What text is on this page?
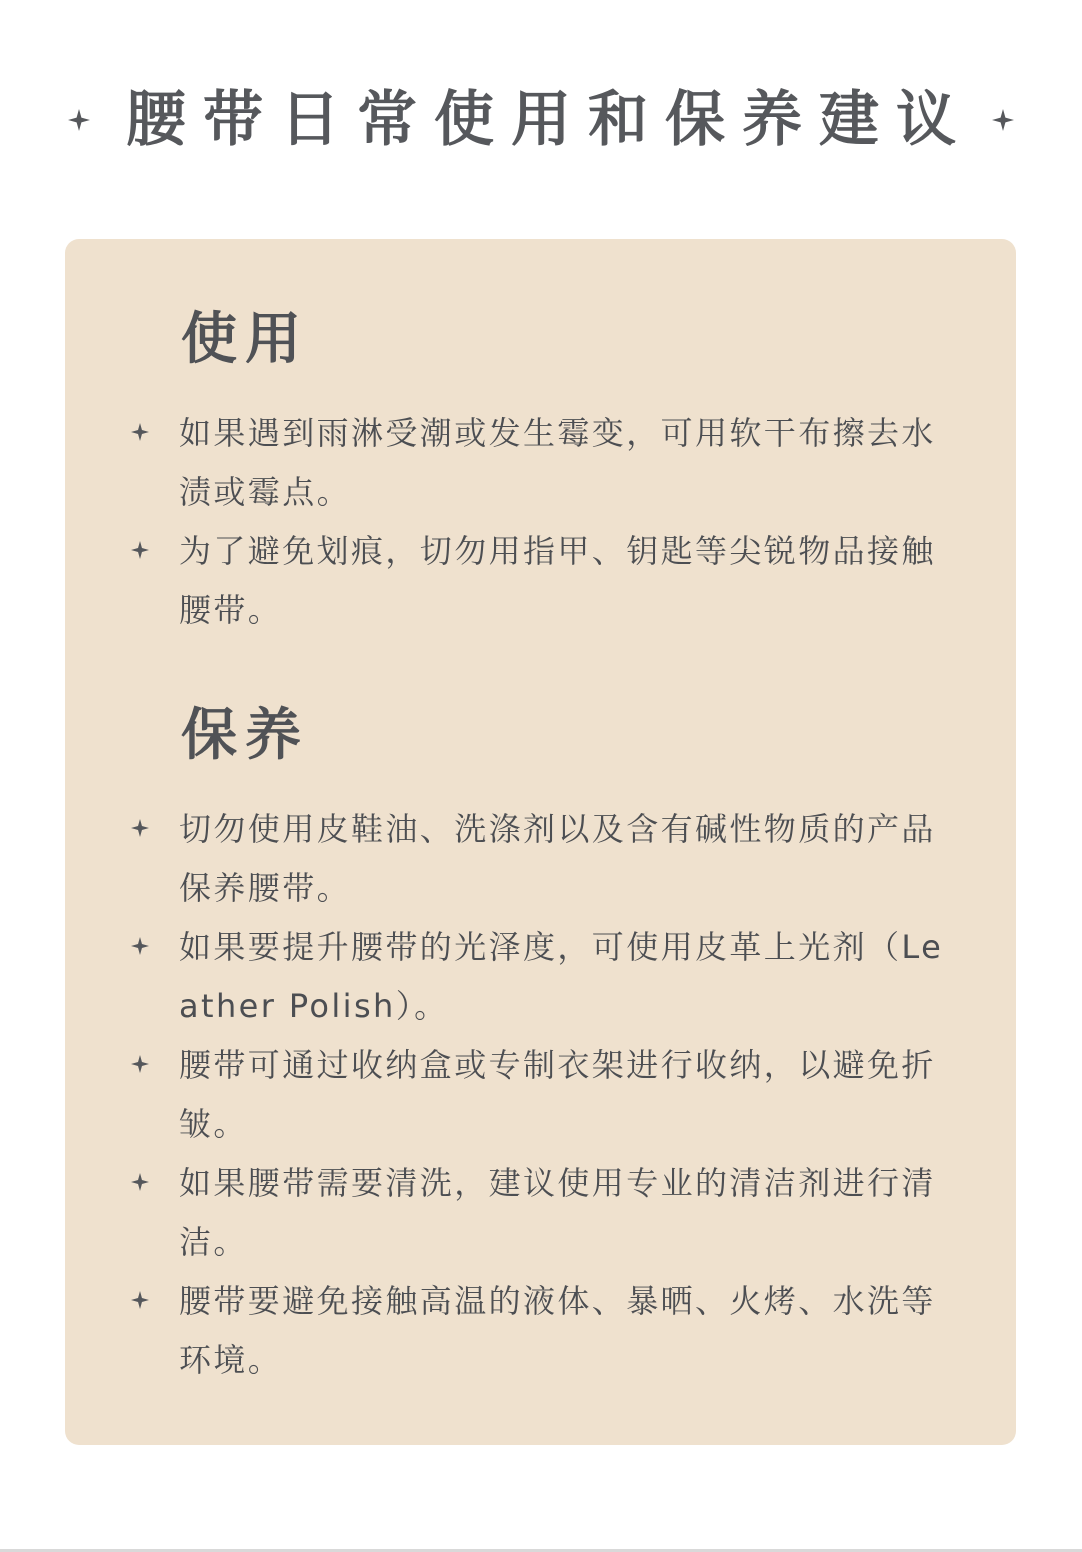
腰带日常使用和保养建议
使用
如果遇到雨淋受潮或发生霉变，可用软干布擦去水渍或霉点。
为了避免划痕，切勿用指甲、钥匙等尖锐物品接触腰带。
保养
切勿使用皮鞋油、洗涤剂以及含有碱性物质的产品保养腰带。
如果要提升腰带的光泽度，可使用皮革上光剂（Leather Polish）。
腰带可通过收纳盒或专制衣架进行收纳，以避免折皱。
如果腰带需要清洗，建议使用专业的清洁剂进行清洁。
腰带要避免接触高温的液体、暴晒、火烤、水洗等环境。
